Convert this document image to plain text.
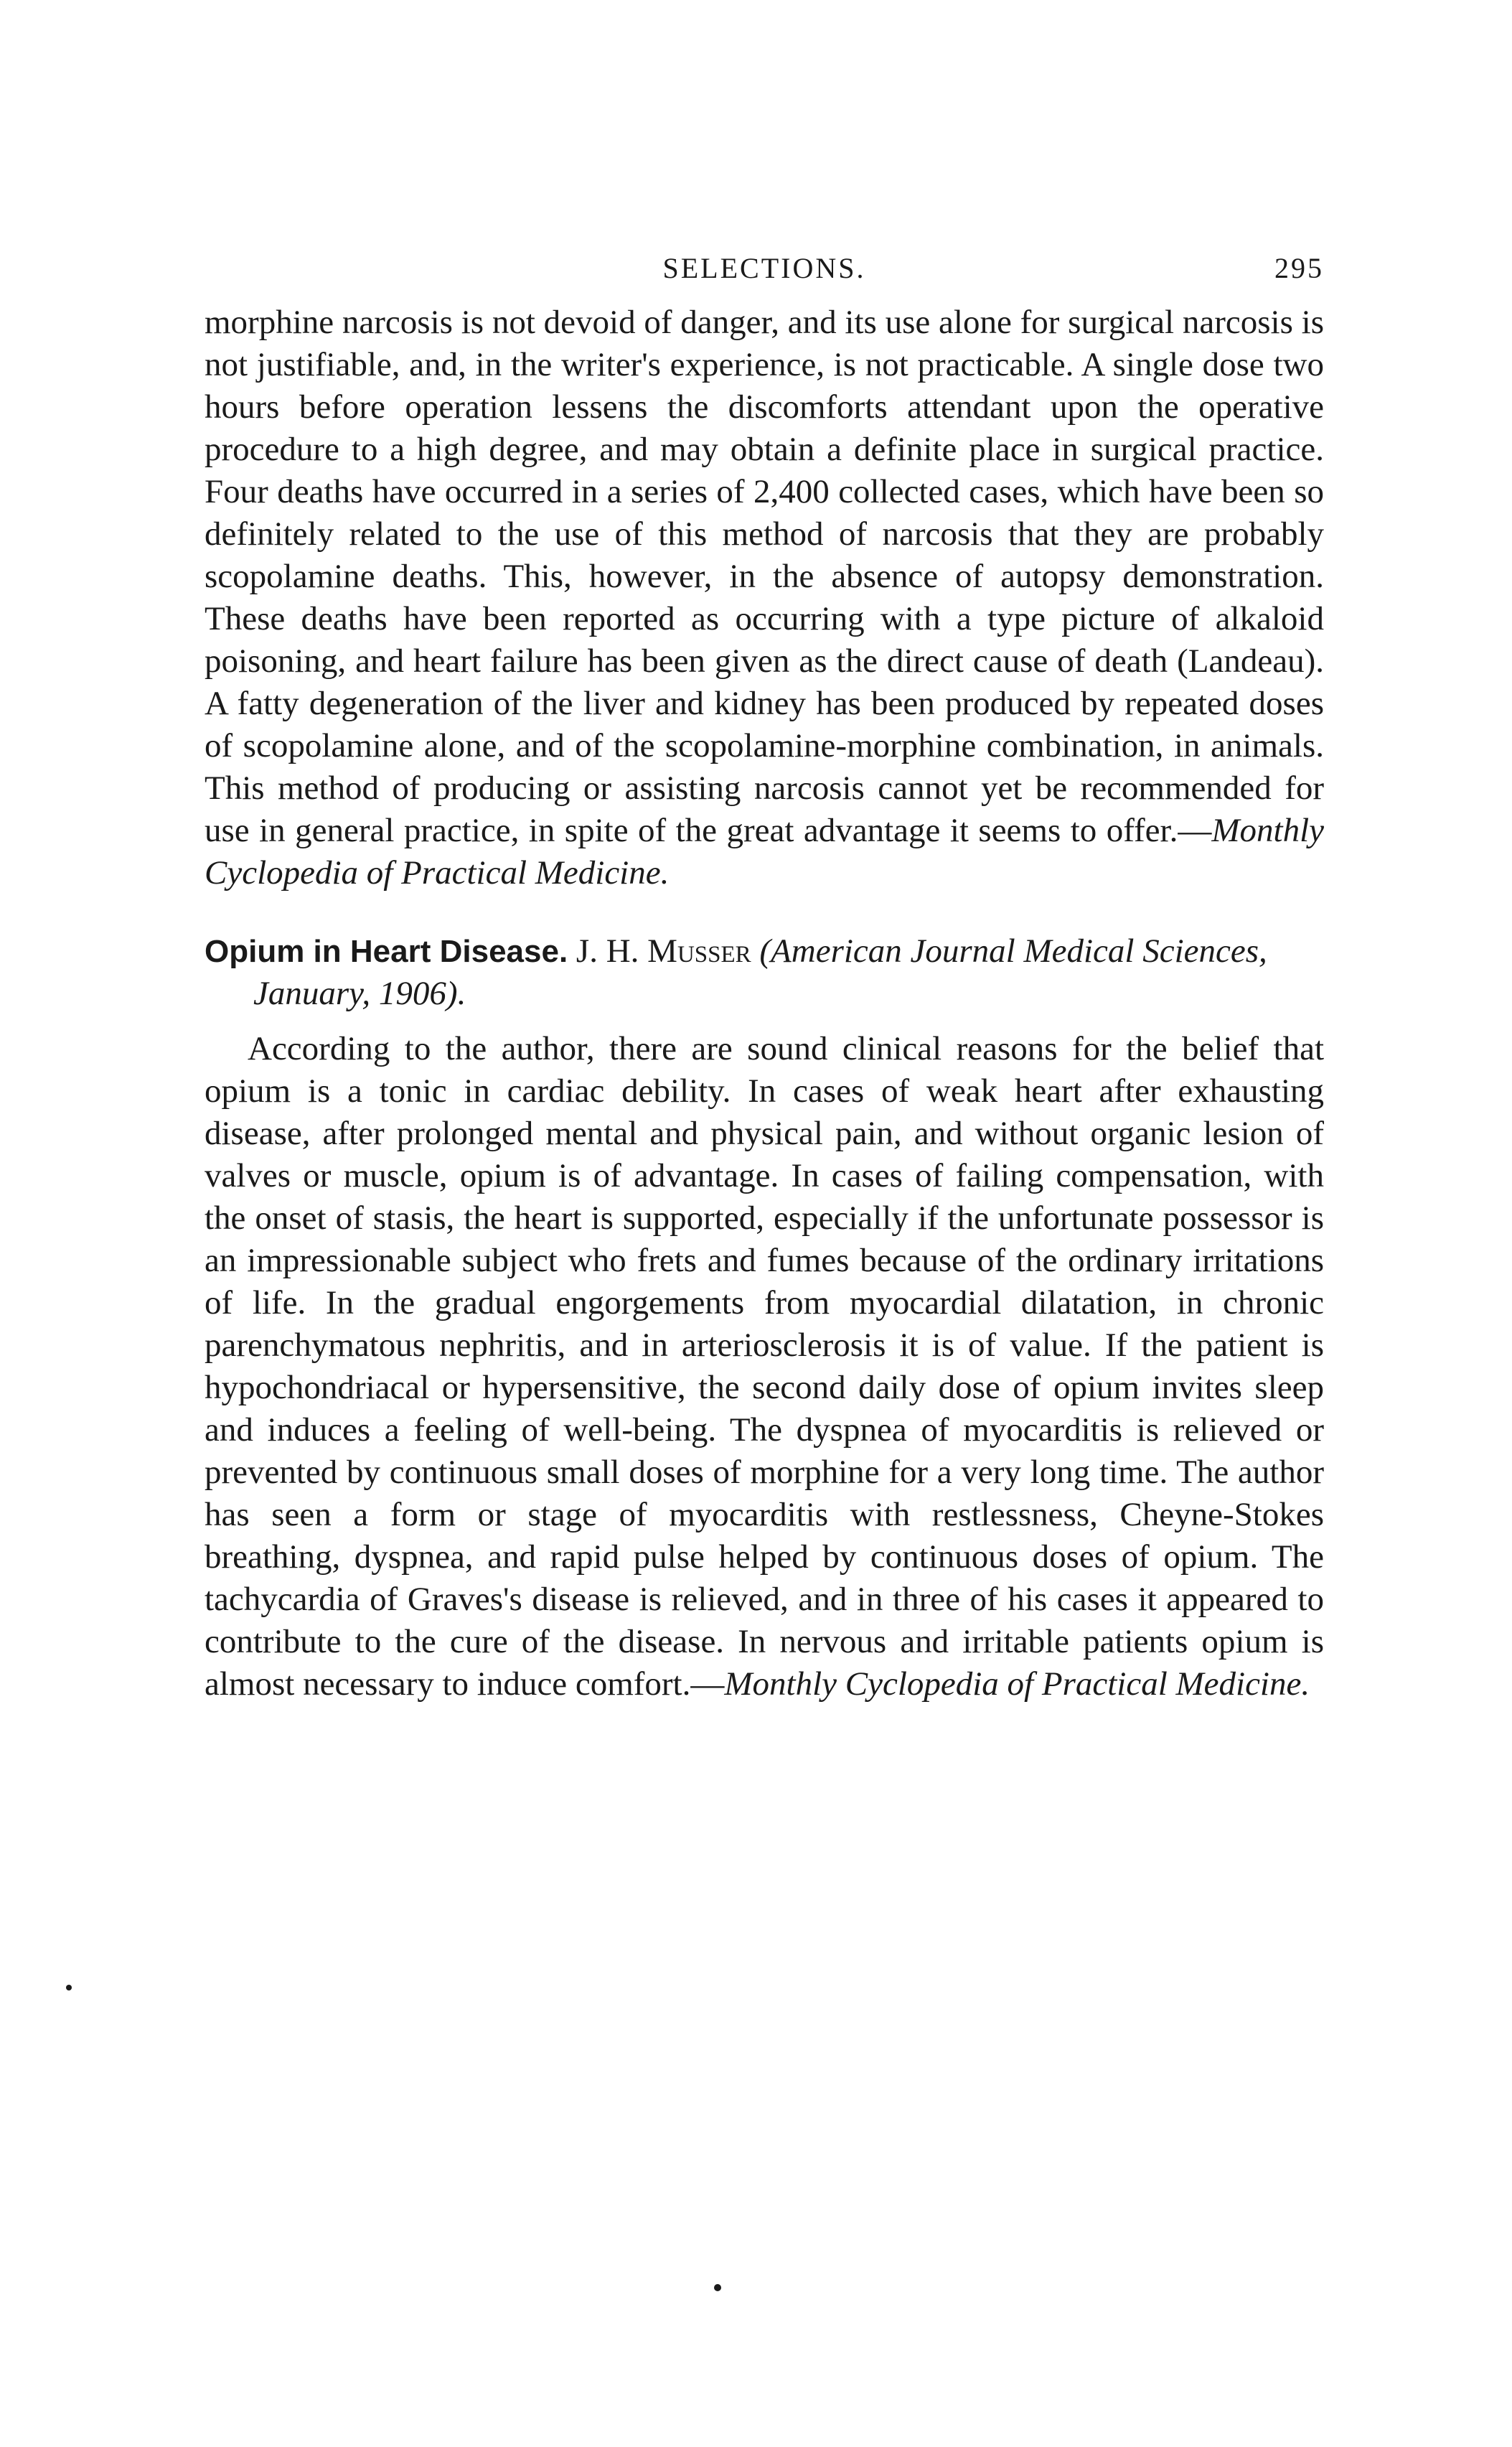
SELECTIONS.	295

morphine narcosis is not devoid of danger, and its use alone for surgical narcosis is not justifiable, and, in the writer's experience, is not practicable. A single dose two hours before operation lessens the discomforts attendant upon the operative procedure to a high degree, and may obtain a definite place in surgical practice. Four deaths have occurred in a series of 2,400 collected cases, which have been so definitely related to the use of this method of narcosis that they are probably scopolamine deaths. This, however, in the absence of autopsy demonstration. These deaths have been reported as occurring with a type picture of alkaloid poisoning, and heart failure has been given as the direct cause of death (Landeau). A fatty degeneration of the liver and kidney has been produced by repeated doses of scopolamine alone, and of the scopolamine-morphine combination, in animals. This method of producing or assisting narcosis cannot yet be recommended for use in general practice, in spite of the great advantage it seems to offer.—Monthly Cyclopedia of Practical Medicine.

Opium in Heart Disease. J. H. Musser (American Journal Medical Sciences, January, 1906).

According to the author, there are sound clinical reasons for the belief that opium is a tonic in cardiac debility. In cases of weak heart after exhausting disease, after prolonged mental and physical pain, and without organic lesion of valves or muscle, opium is of advantage. In cases of failing compensation, with the onset of stasis, the heart is supported, especially if the unfortunate possessor is an impressionable subject who frets and fumes because of the ordinary irritations of life. In the gradual engorgements from myocardial dilatation, in chronic parenchymatous nephritis, and in arteriosclerosis it is of value. If the patient is hypochondriacal or hypersensitive, the second daily dose of opium invites sleep and induces a feeling of well-being. The dyspnea of myocarditis is relieved or prevented by continuous small doses of morphine for a very long time. The author has seen a form or stage of myocarditis with restlessness, Cheyne-Stokes breathing, dyspnea, and rapid pulse helped by continuous doses of opium. The tachycardia of Graves's disease is relieved, and in three of his cases it appeared to contribute to the cure of the disease. In nervous and irritable patients opium is almost necessary to induce comfort.—Monthly Cyclopedia of Practical Medicine.
